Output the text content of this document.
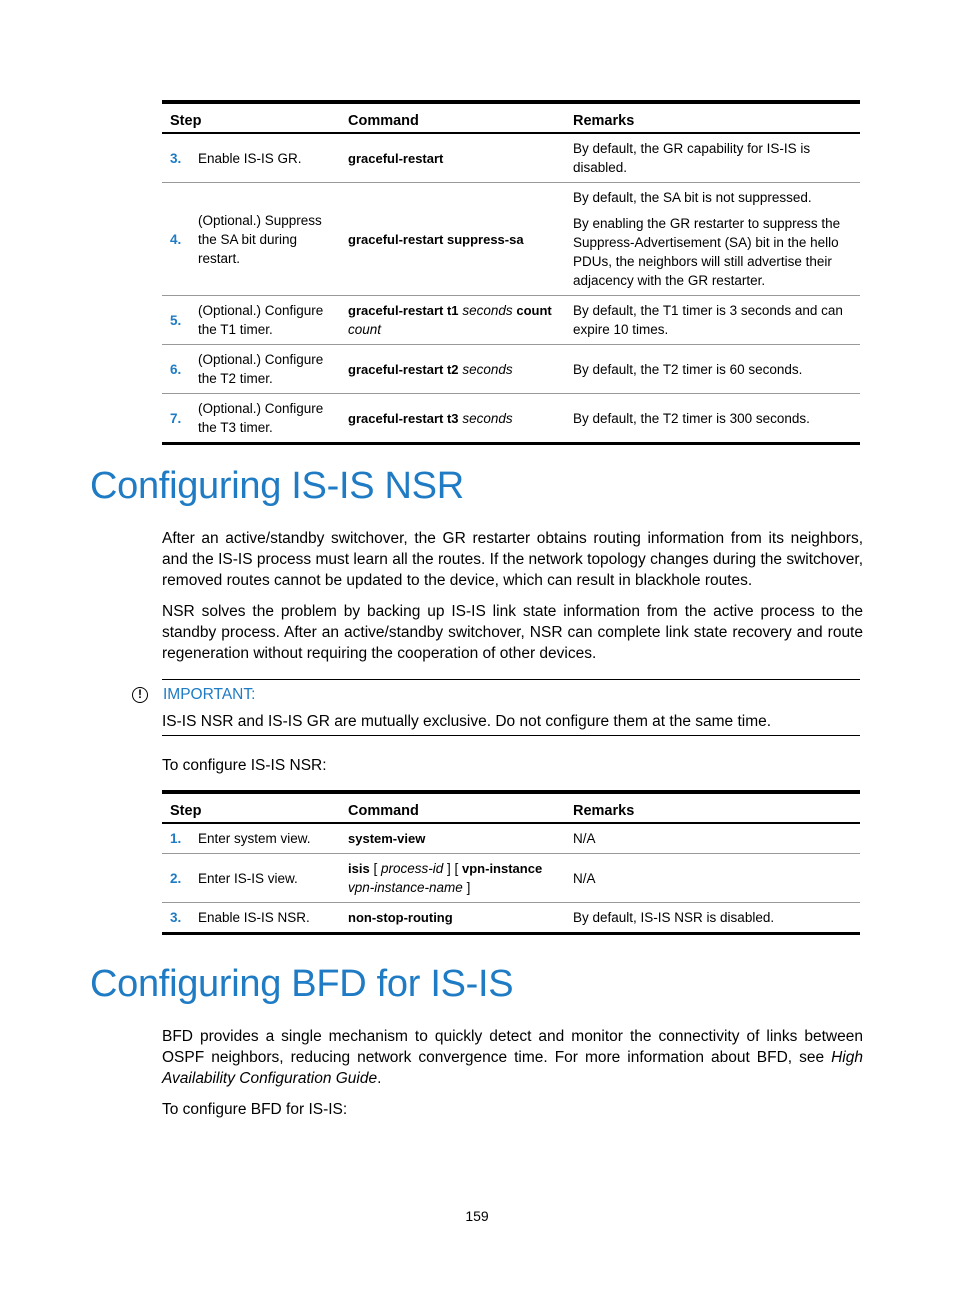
Step		Command	Remarks
3.	Enable IS-IS GR.	graceful-restart	By default, the GR capability for IS-IS is disabled.

4.	(Optional.) Suppress the SA bit during restart.	graceful-restart suppress-sa	By default, the SA bit is not suppressed.

By enabling the GR restarter to suppress the Suppress-Advertisement (SA) bit in the hello PDUs, the neighbors will still advertise their adjacency with the GR restarter.

5.	(Optional.) Configure the T1 timer.	graceful-restart t1 seconds count count	By default, the T1 timer is 3 seconds and can expire 10 times.

6.	(Optional.) Configure the T2 timer.	graceful-restart t2 seconds	By default, the T2 timer is 60 seconds.

7.	(Optional.) Configure the T3 timer.	graceful-restart t3 seconds	By default, the T2 timer is 300 seconds.

Configuring IS-IS NSR

After an active/standby switchover, the GR restarter obtains routing information from its neighbors, and the IS-IS process must learn all the routes. If the network topology changes during the switchover, removed routes cannot be updated to the device, which can result in blackhole routes.

NSR solves the problem by backing up IS-IS link state information from the active process to the standby process. After an active/standby switchover, NSR can complete link state recovery and route regeneration without requiring the cooperation of other devices.

!	IMPORTANT:
IS-IS NSR and IS-IS GR are mutually exclusive. Do not configure them at the same time.

To configure IS-IS NSR:

Step		Command	Remarks
1.	Enter system view.	system-view	N/A
2.	Enter IS-IS view.	isis [ process-id ] [ vpn-instance vpn-instance-name ]	N/A
3.	Enable IS-IS NSR.	non-stop-routing	By default, IS-IS NSR is disabled.
Configuring BFD for IS-IS

BFD provides a single mechanism to quickly detect and monitor the connectivity of links between OSPF neighbors, reducing network convergence time. For more information about BFD, see High Availability Configuration Guide.

To configure BFD for IS-IS:

159
